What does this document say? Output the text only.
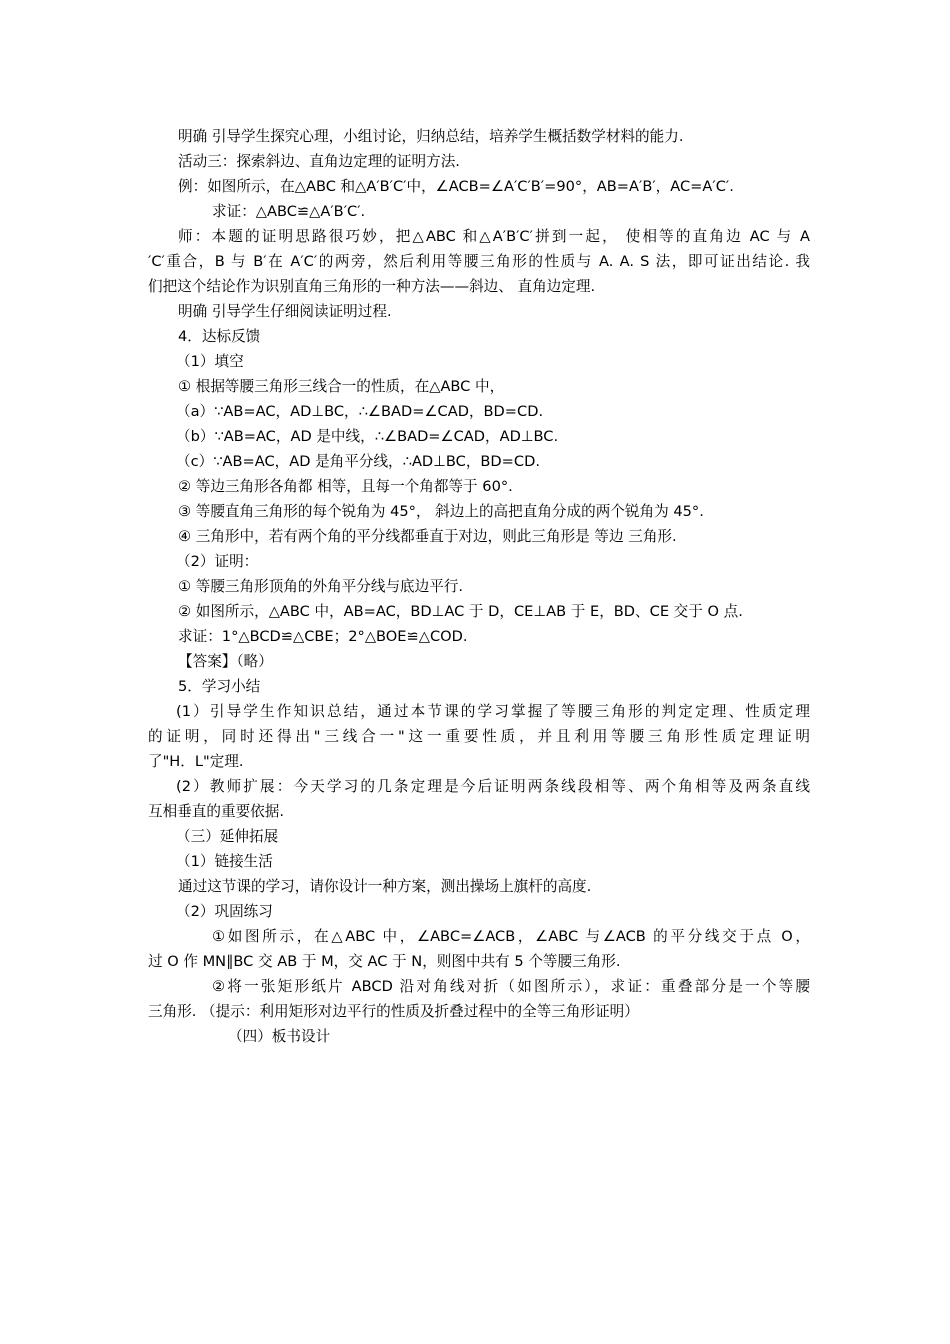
明确 引导学生探究心理，小组讨论，归纳总结，培养学生概括数学材料的能力.
活动三：探索斜边、直角边定理的证明方法.
例：如图所示，在△ABC 和△A′B′C′中，∠ACB=∠A′C′B′=90°，AB=A′B′，AC=A′C′.
求证：△ABC≌△A′B′C′.
师：本题的证明思路很巧妙，把△ABC 和△A′B′C′拼到一起， 使相等的直角边 AC 与 A
′C′重合，B 与 B′在 A′C′的两旁，然后利用等腰三角形的性质与 A. A. S 法，即可证出结论. 我
们把这个结论作为识别直角三角形的一种方法——斜边、 直角边定理.
明确 引导学生仔细阅读证明过程.
4．达标反馈
（1）填空
① 根据等腰三角形三线合一的性质，在△ABC 中，
（a）∵AB=AC，AD⊥BC，∴∠BAD=∠CAD，BD=CD.
（b）∵AB=AC，AD 是中线，∴∠BAD=∠CAD，AD⊥BC.
（c）∵AB=AC，AD 是角平分线，∴AD⊥BC，BD=CD.
② 等边三角形各角都 相等，且每一个角都等于 60°.
③ 等腰直角三角形的每个锐角为 45°， 斜边上的高把直角分成的两个锐角为 45°.
④ 三角形中，若有两个角的平分线都垂直于对边，则此三角形是 等边 三角形.
（2）证明：
① 等腰三角形顶角的外角平分线与底边平行.
② 如图所示，△ABC 中，AB=AC，BD⊥AC 于 D，CE⊥AB 于 E，BD、CE 交于 O 点.
求证：1°△BCD≌△CBE；2°△BOE≌△COD.
【答案】（略）
5．学习小结
(1）引导学生作知识总结，通过本节课的学习掌握了等腰三角形的判定定理、性质定理
的证明，同时还得出"三线合一"这一重要性质，并且利用等腰三角形性质定理证明
了"H．L"定理.
(2）教师扩展：今天学习的几条定理是今后证明两条线段相等、两个角相等及两条直线
互相垂直的重要依据.
（三）延伸拓展
（1）链接生活
通过这节课的学习，请你设计一种方案，测出操场上旗杆的高度.
（2）巩固练习
①如图所示，在△ABC 中，∠ABC=∠ACB，∠ABC 与∠ACB 的平分线交于点 O，
过 O 作 MN∥BC 交 AB 于 M，交 AC 于 N，则图中共有 5 个等腰三角形.
②将一张矩形纸片 ABCD 沿对角线对折（如图所示），求证：重叠部分是一个等腰
三角形. （提示：利用矩形对边平行的性质及折叠过程中的全等三角形证明）
（四）板书设计
